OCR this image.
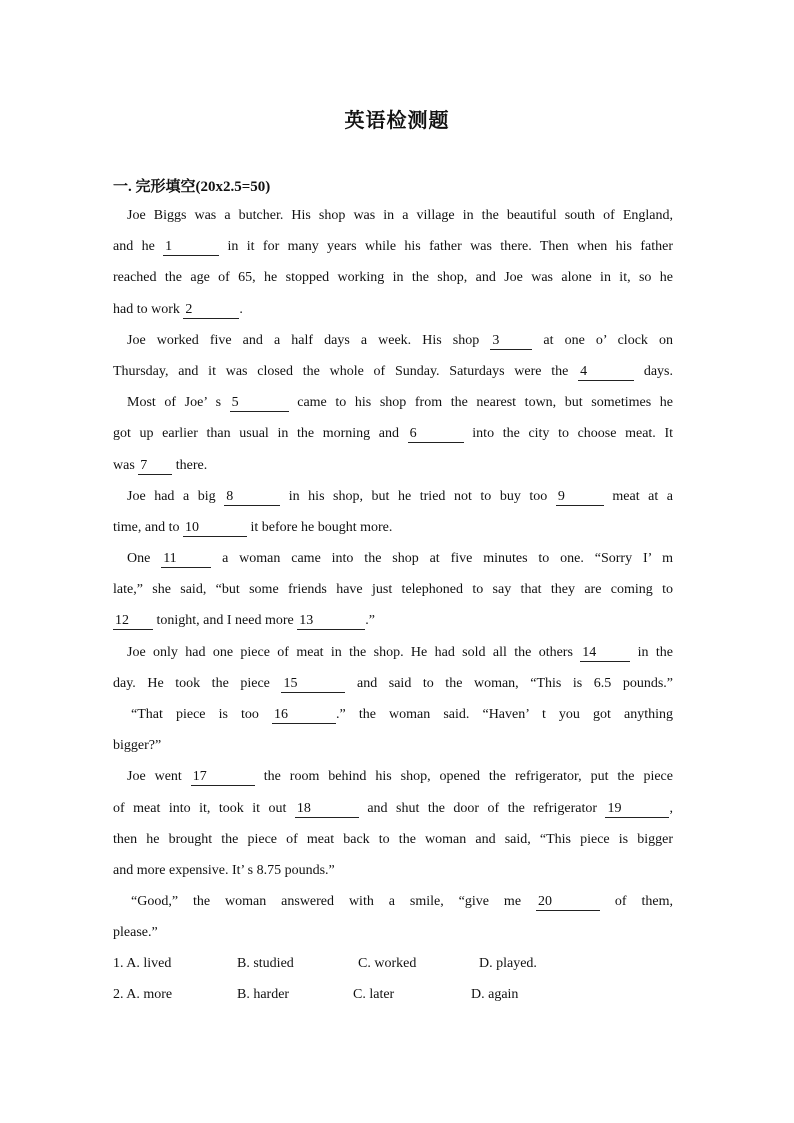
英语检测题
一. 完形填空(20x2.5=50)
Joe Biggs was a butcher. His shop was in a village in the beautiful south of England,
and he 1	in it for many years while his father was there. Then when his father
reached the age of 65, he stopped working in the shop, and Joe was alone in it, so he
had to work 2	.
Joe worked five and a half days a week. His shop 3 at one o’ clock on
Thursday, and it was closed the whole of Sunday. Saturdays were the 4	days.
Most of Joe’ s 5	came to his shop from the nearest town, but sometimes he
got up earlier than usual in the morning and 6	into the city to choose meat. It
was 7 there.
Joe had a big 8	in his shop, but he tried not to buy too 9	meat at a
time, and to 10	it before he bought more.
One 11 a woman came into the shop at five minutes to one. “Sorry I’ m
late,” she said, “but some friends have just telephoned to say that they are coming to
12 tonight, and I need more 13	.”
Joe only had one piece of meat in the shop. He had sold all the others 14 in the
day. He took the piece 15	and said to the woman, “This is 6.5 pounds.”
“That piece is too 16	.” the woman said. “Haven’ t you got anything
bigger?”
Joe went 17	the room behind his shop, opened the refrigerator, put the piece
of meat into it, took it out 18	and shut the door of the refrigerator 19	,
then he brought the piece of meat back to the woman and said, “This piece is bigger
and more expensive. It’ s 8.75 pounds.”
“Good,” the woman answered with a smile, “give me 20	of them,
please.”
1. A. lived	B. studied	C. worked	D. played.
2. A. more	B. harder	C. later	D. again
